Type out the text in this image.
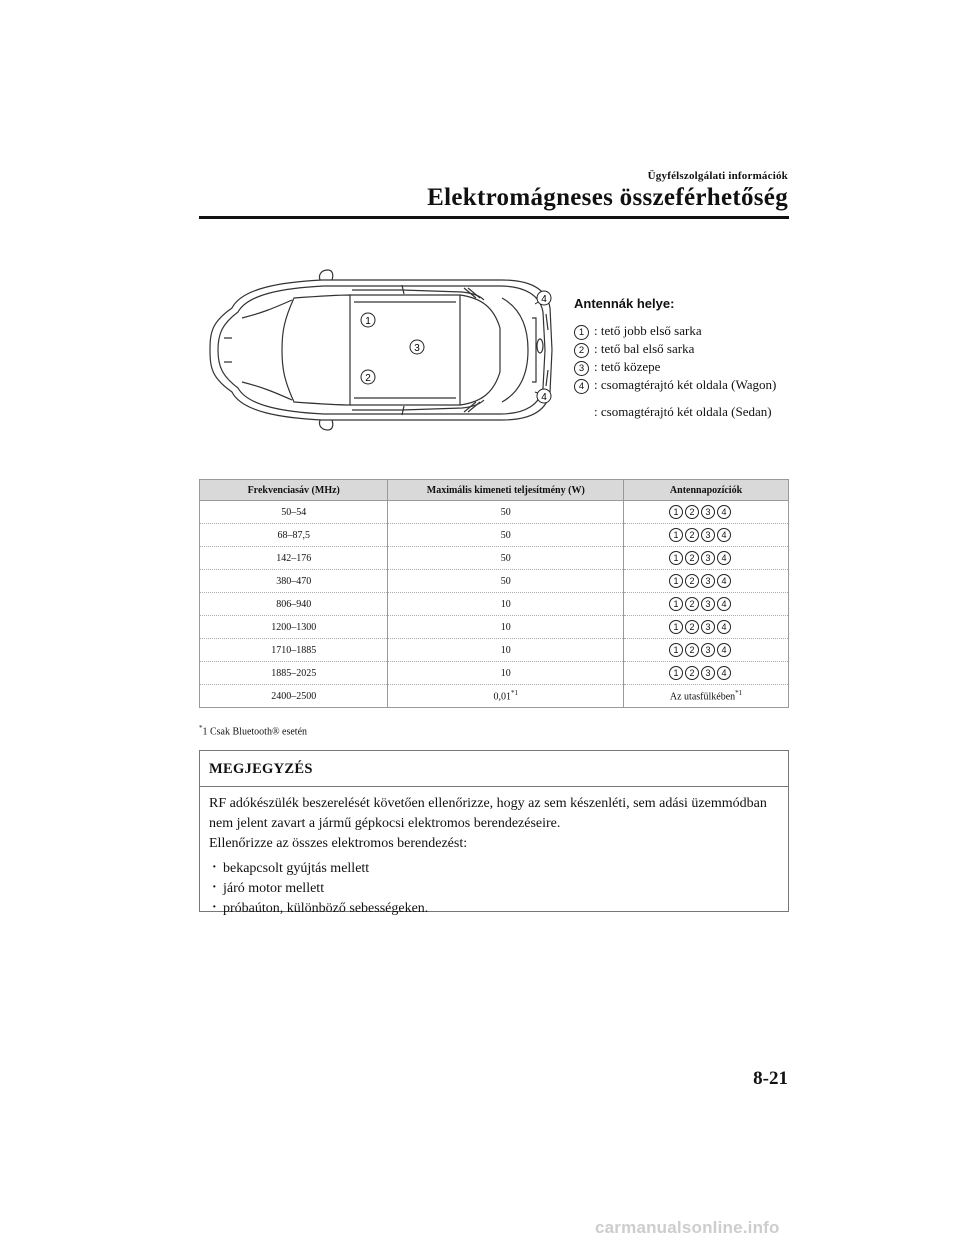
Ügyfélszolgálati információk
Elektromágneses összeférhetőség
1
2
3
4
4
Antennák helye:
1 : tető jobb első sarka
2 : tető bal első sarka
3 : tető közepe
4 : csomagtérajtó két oldala (Wagon)
: csomagtérajtó két oldala (Sedan)
Frekvenciasáv (MHz)	Maximális kimeneti teljesítmény (W)	Antennapozíciók
50–54	50	1 2 3 4
68–87,5	50	1 2 3 4
142–176	50	1 2 3 4
380–470	50	1 2 3 4
806–940	10	1 2 3 4
1200–1300	10	1 2 3 4
1710–1885	10	1 2 3 4
1885–2025	10	1 2 3 4
2400–2500	0,01$^{*1}$	Az utasfülkében$^{*1}$
*1 Csak Bluetooth® esetén
MEGJEGYZÉS

RF adókészülék beszerelését követően ellenőrizze, hogy az sem készenléti, sem adási üzemmódban nem jelent zavart a jármű gépkocsi elektromos berendezéseire.

Ellenőrizze az összes elektromos berendezést:

· bekapcsolt gyújtás mellett
· járó motor mellett
· próbaúton, különböző sebességeken.
8-21
carmanualsonline.info
